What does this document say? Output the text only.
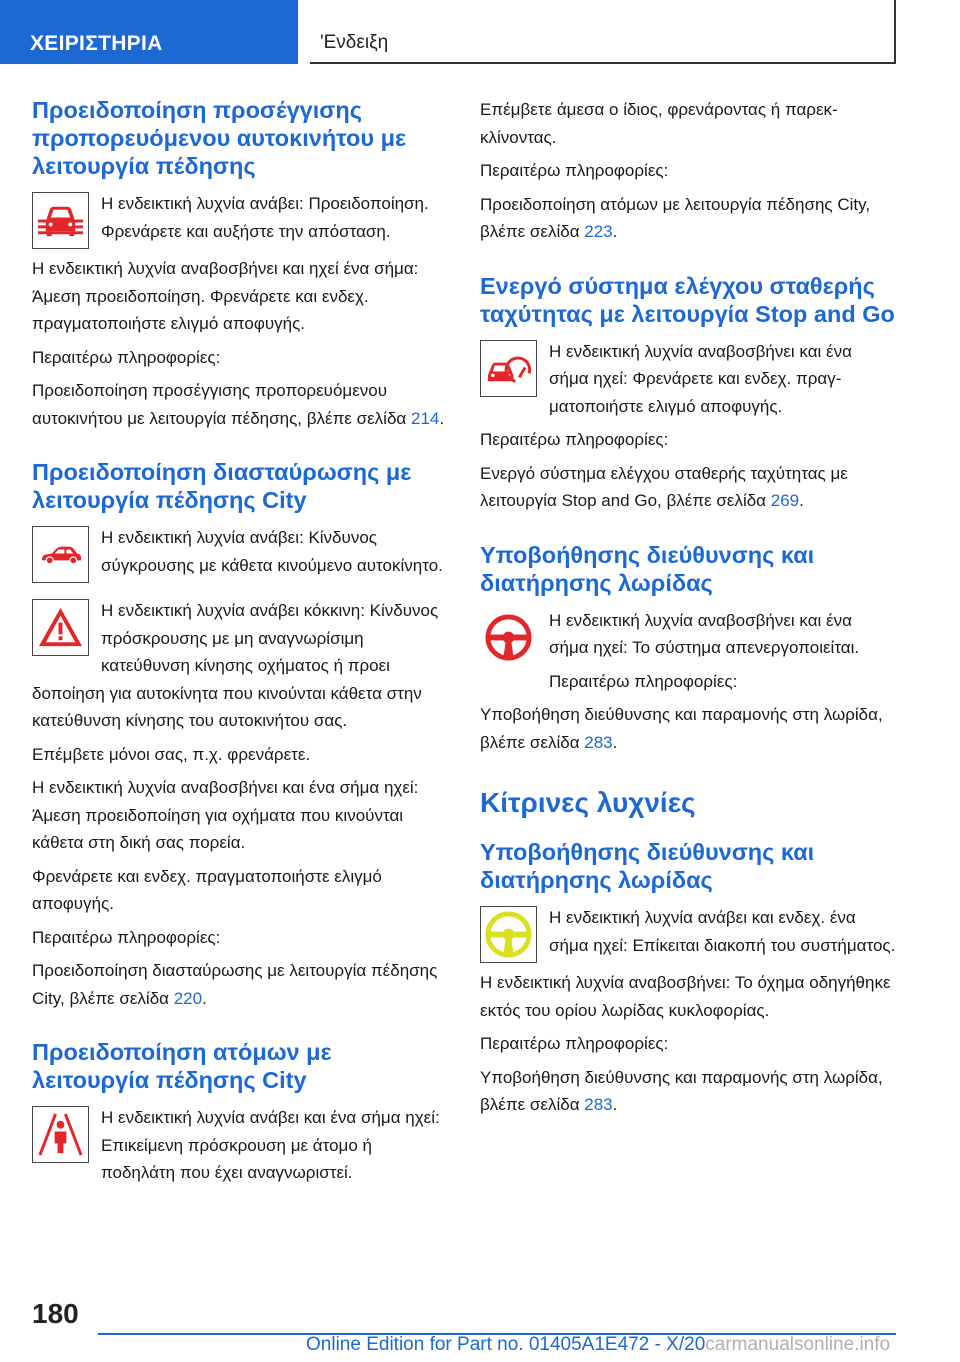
ΧΕΙΡΙΣΤΗΡΙΑ	'Ενδειξη
Προειδοποίηση προσέγγισης προπορευόμενου αυτοκινήτου με λειτουργία πέδησης

Η ενδεικτική λυχνία ανάβει: Προειδοποίηση. Φρενάρετε και αυξήστε την απόσταση.

Η ενδεικτική λυχνία αναβοσβήνει και ηχεί ένα σήμα: Άμεση προειδοποίηση. Φρενάρετε και ενδεχ. πραγματοποιήστε ελιγμό αποφυγής.

Περαιτέρω πληροφορίες:

Προειδοποίηση προσέγγισης προπορευόμενου αυτοκινήτου με λειτουργία πέδησης, βλέπε σελίδα 214.

Προειδοποίηση διασταύρωσης με λειτουργία πέδησης City

Η ενδεικτική λυχνία ανάβει: Κίνδυνος σύγκρουσης με κάθετα κινούμενο αυτοκίνητο.

Η ενδεικτική λυχνία ανάβει κόκκινη: Κίνδυνος πρόσκρουσης με μη αναγνωρίσιμη κατεύθυνση κίνησης οχήματος ή προει

δοποίηση για αυτοκίνητα που κινούνται κάθετα στην κατεύθυνση κίνησης του αυτοκινήτου σας.

Επέμβετε μόνοι σας, π.χ. φρενάρετε.

Η ενδεικτική λυχνία αναβοσβήνει και ένα σήμα ηχεί: Άμεση προειδοποίηση για οχήματα που κινούνται κάθετα στη δική σας πορεία.

Φρενάρετε και ενδεχ. πραγματοποιήστε ελιγμό αποφυγής.

Περαιτέρω πληροφορίες:

Προειδοποίηση διασταύρωσης με λειτουργία πέδησης City, βλέπε σελίδα 220.

Προειδοποίηση ατόμων με λειτουργία πέδησης City

Η ενδεικτική λυχνία ανάβει και ένα σήμα ηχεί: Επικείμενη πρόσκρουση με άτομο ή ποδηλάτη που έχει αναγνωριστεί.

Επέμβετε άμεσα ο ίδιος, φρενάροντας ή παρεκκλίνοντας.

Περαιτέρω πληροφορίες:

Προειδοποίηση ατόμων με λειτουργία πέδησης City, βλέπε σελίδα 223.

Ενεργό σύστημα ελέγχου σταθερής ταχύτητας με λειτουργία Stop and Go

Η ενδεικτική λυχνία αναβοσβήνει και ένα σήμα ηχεί: Φρενάρετε και ενδεχ. πραγματοποιήστε ελιγμό αποφυγής.

Περαιτέρω πληροφορίες:

Ενεργό σύστημα ελέγχου σταθερής ταχύτητας με λειτουργία Stop and Go, βλέπε σελίδα 269.

Υποβοήθησης διεύθυνσης και διατήρησης λωρίδας

Η ενδεικτική λυχνία αναβοσβήνει και ένα σήμα ηχεί: Το σύστημα απενεργοποιείται.

Περαιτέρω πληροφορίες:

Υποβοήθηση διεύθυνσης και παραμονής στη λωρίδα, βλέπε σελίδα 283.

Κίτρινες λυχνίες
Υποβοήθησης διεύθυνσης και διατήρησης λωρίδας

Η ενδεικτική λυχνία ανάβει και ενδεχ. ένα σήμα ηχεί: Επίκειται διακοπή του συστήματος.

Η ενδεικτική λυχνία αναβοσβήνει: Το όχημα οδηγήθηκε εκτός του ορίου λωρίδας κυκλοφορίας.

Περαιτέρω πληροφορίες:

Υποβοήθηση διεύθυνσης και παραμονής στη λωρίδα, βλέπε σελίδα 283.

180
Online Edition for Part no. 01405A1E472 - X/20carmanualsonline.info
